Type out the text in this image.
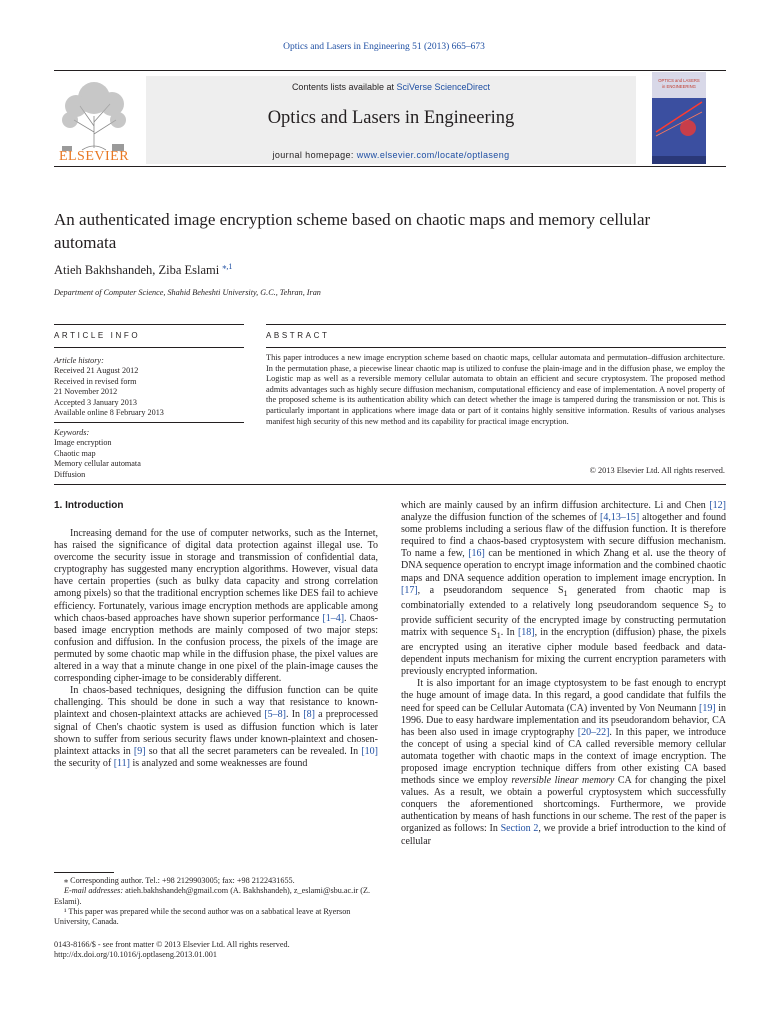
Optics and Lasers in Engineering 51 (2013) 665–673
ELSEVIER
Contents lists available at SciVerse ScienceDirect
Optics and Lasers in Engineering
journal homepage: www.elsevier.com/locate/optlaseng
OPTICS and LASERS
in ENGINEERING
An authenticated image encryption scheme based on chaotic maps and memory cellular automata
Atieh Bakhshandeh, Ziba Eslami $^{⁎,1}$
Department of Computer Science, Shahid Beheshti University, G.C., Tehran, Iran
ARTICLE INFO	ABSTRACT
Article history:
Received 21 August 2012
Received in revised form
21 November 2012
Accepted 3 January 2013
Available online 8 February 2013
Keywords:
Image encryption
Chaotic map
Memory cellular automata
Diffusion
This paper introduces a new image encryption scheme based on chaotic maps, cellular automata and permutation–diffusion architecture. In the permutation phase, a piecewise linear chaotic map is utilized to confuse the plain-image and in the diffusion phase, we employ the Logistic map as well as a reversible memory cellular automata to obtain an efficient and secure cryptosystem. The proposed method admits advantages such as highly secure diffusion mechanism, computational efficiency and ease of implementation. A novel property of the proposed scheme is its authentication ability which can detect whether the image is tampered during the transmission or not. This is particularly important in applications where image data or part of it contains highly sensitive information. Results of various analyses manifest high security of this new method and its capability for practical image encryption.
© 2013 Elsevier Ltd. All rights reserved.
1. Introduction

Increasing demand for the use of computer networks, such as the Internet, has raised the significance of digital data protection against illegal use. To overcome the security issue in storage and transmission of confidential data, cryptography has suggested many encryption algorithms. However, visual data have certain properties (such as bulky data capacity and strong correlation among pixels) so that the traditional encryption schemes like DES fail to achieve efficiency. Fortunately, various image encryption methods are applicable among which chaos-based approaches have shown superior performance [1–4]. Chaos-based image encryption methods are mainly composed of two major steps: confusion and diffusion. In the confusion process, the pixels of the image are permuted by some chaotic map while in the diffusion phase, the pixel values are altered in a way that a minute change in one pixel of the plain-image causes the corresponding cipher-image to be considerably different.

In chaos-based techniques, designing the diffusion function can be quite challenging. This should be done in such a way that resistance to known-plaintext and chosen-plaintext attacks are achieved [5–8]. In [8] a preprocessed signal of Chen's chaotic system is used as diffusion function which is later shown to suffer from serious security flaws under known-plaintext and chosen-plaintext attacks in [9] so that all the secret parameters can be revealed. In [10] the security of [11] is analyzed and some weaknesses are found

⁎ Corresponding author. Tel.: +98 2129903005; fax: +98 2122431655.

E-mail addresses: atieh.bakhshandeh@gmail.com (A. Bakhshandeh), z_eslami@sbu.ac.ir (Z. Eslami).

¹ This paper was prepared while the second author was on a sabbatical leave at Ryerson University, Canada.

0143-8166/$ - see front matter © 2013 Elsevier Ltd. All rights reserved.
http://dx.doi.org/10.1016/j.optlaseng.2013.01.001

which are mainly caused by an infirm diffusion architecture. Li and Chen [12] analyze the diffusion function of the schemes of [4,13–15] altogether and found some problems including a serious flaw of the diffusion function. It is therefore required to find a chaos-based cryptosystem with secure diffusion mechanism. To name a few, [16] can be mentioned in which Zhang et al. use the theory of DNA sequence operation to encrypt image information and the combined chaotic maps and DNA sequence addition operation to implement image encryption. In [17], a pseudorandom sequence $S_1$ generated from chaotic map is combinatorially extended to a relatively long pseudorandom sequence $S_2$ to provide sufficient security of the encrypted image by constructing permutation matrix with sequence $S_1$. In [18], in the encryption (diffusion) phase, the pixels are encrypted using an iterative cipher module based feedback and data-dependent inputs mechanism for mixing the current encryption parameters with previously encrypted information.

It is also important for an image ctyptosystem to be fast enough to encrypt the huge amount of image data. In this regard, a good candidate that fulfils the need for speed can be Cellular Automata (CA) invented by Von Neumann [19] in 1996. Due to easy hardware implementation and its pseudorandom behavior, CA has been also used in image cryptography [20–22]. In this paper, we introduce the concept of using a special kind of CA called reversible memory cellular automata together with chaotic maps in the context of image encryption. The proposed image encryption technique differs from other existing CA based methods since we employ reversible linear memory CA for changing the pixel values. As a result, we obtain a powerful cryptosystem which successfully conquers the aforementioned shortcomings. Furthermore, we provide authentication by means of hash functions in our scheme. The rest of the paper is organized as follows: In Section 2, we provide a brief introduction to the kind of cellular
